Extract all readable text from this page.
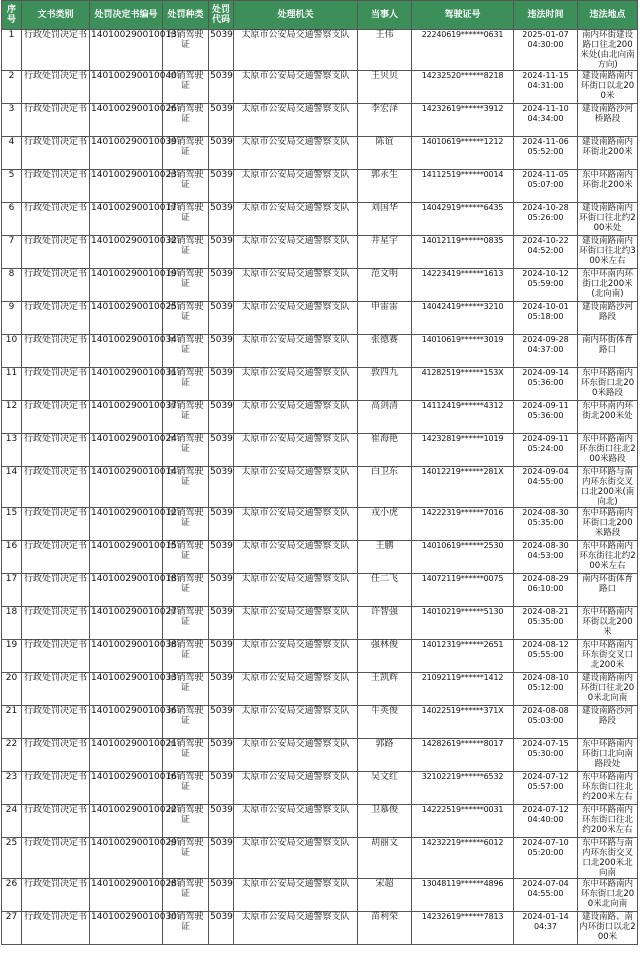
序号	文书类别	处罚决定书编号	处罚种类	处罚代码	处理机关	当事人	驾驶证号	违法时间	违法地点
1	行政处罚决定书	140100290010013	吊销驾驶证	5039	太原市公安局交通警察支队	王伟	22240619******0631	2025-01-07
04:30:00	南内环街建设路口往北200米处(由北向南方向)
2	行政处罚决定书	140100290010040	吊销驾驶证	5039	太原市公安局交通警察支队	王贝贝	14232520******8218	2024-11-15
04:31:00	建设南路南内环街口以北200米
3	行政处罚决定书	140100290010026	吊销驾驶证	5039	太原市公安局交通警察支队	李宏泽	14232619******3912	2024-11-10
04:34:00	建设南路沙河桥路段
4	行政处罚决定书	140100290010039	吊销驾驶证	5039	太原市公安局交通警察支队	陈谊	14010619******1212	2024-11-06
05:52:00	建设南路南内环街北200米
5	行政处罚决定书	140100290010023	吊销驾驶证	5039	太原市公安局交通警察支队	郭永生	14112519******0014	2024-11-05
05:07:00	东中环路南内环街北200米
6	行政处罚决定书	140100290010017	吊销驾驶证	5039	太原市公安局交通警察支队	刘国华	14042919******6435	2024-10-28
05:26:00	建设南路南内环街口往北约200米处
7	行政处罚决定书	140100290010032	吊销驾驶证	5039	太原市公安局交通警察支队	井星宇	14012119******0835	2024-10-22
04:52:00	建设南路南内环街口往北约300米左右
8	行政处罚决定书	140100290010019	吊销驾驶证	5039	太原市公安局交通警察支队	范文明	14223419******1613	2024-10-12
05:59:00	东中环南内环街口北200米(北向南)
9	行政处罚决定书	140100290010025	吊销驾驶证	5039	太原市公安局交通警察支队	申雷雷	14042419******3210	2024-10-01
05:18:00	建设南路沙河路段
10	行政处罚决定书	140100290010034	吊销驾驶证	5039	太原市公安局交通警察支队	张德赛	14010619******3019	2024-09-28
04:37:00	南内环街体育路口
11	行政处罚决定书	140100290010031	吊销驾驶证	5039	太原市公安局交通警察支队	敦四九	41282519******153X	2024-09-14
05:36:00	东中环路南内环东街口北200米路段
12	行政处罚决定书	140100290010037	吊销驾驶证	5039	太原市公安局交通警察支队	高剑清	14112419******4312	2024-09-11
05:36:00	东中环南内环街北200米处
13	行政处罚决定书	140100290010024	吊销驾驶证	5039	太原市公安局交通警察支队	崔海艳	14232819******1019	2024-09-11
05:24:00	东中环路南内环东街口往北200米路段
14	行政处罚决定书	140100290010014	吊销驾驶证	5039	太原市公安局交通警察支队	白卫东	14012219******281X	2024-09-04
04:55:00	东中环路与南内环东街交叉口北200米(南向北)
15	行政处罚决定书	140100290010012	吊销驾驶证	5039	太原市公安局交通警察支队	戎小虎	14222319******7016	2024-08-30
05:35:00	东中环路南内环街口北200米路段
16	行政处罚决定书	140100290010015	吊销驾驶证	5039	太原市公安局交通警察支队	王鹏	14010619******2530	2024-08-30
04:53:00	东中环路南内环东街往北约200米左右
17	行政处罚决定书	140100290010018	吊销驾驶证	5039	太原市公安局交通警察支队	任二飞	14072119******0075	2024-08-29
06:10:00	南内环街体育路口
18	行政处罚决定书	140100290010027	吊销驾驶证	5039	太原市公安局交通警察支队	许智强	14010219******5130	2024-08-21
05:35:00	东中环路南内环街以北200米
19	行政处罚决定书	140100290010038	吊销驾驶证	5039	太原市公安局交通警察支队	强林俊	14012319******2651	2024-08-12
05:55:00	东中环路南内环东街交叉口北200米
20	行政处罚决定书	140100290010033	吊销驾驶证	5039	太原市公安局交通警察支队	王凯辉	21092119******1412	2024-08-10
05:12:00	建设南路南内环街口往北200米北向南
21	行政处罚决定书	140100290010036	吊销驾驶证	5039	太原市公安局交通警察支队	牛英俊	14022519******371X	2024-08-08
05:03:00	建设南路沙河路段
22	行政处罚决定书	140100290010021	吊销驾驶证	5039	太原市公安局交通警察支队	郭路	14282619******8017	2024-07-15
05:30:00	东中环路南内环街口北向南路段处
23	行政处罚决定书	140100290010016	吊销驾驶证	5039	太原市公安局交通警察支队	吴文红	32102219******6532	2024-07-12
05:57:00	东中环路南内环东街口往北约200米左右
24	行政处罚决定书	140100290010022	吊销驾驶证	5039	太原市公安局交通警察支队	卫慕俊	14222519******0031	2024-07-12
04:40:00	东中环路南内环东街口往北约200米左右
25	行政处罚决定书	140100290010029	吊销驾驶证	5039	太原市公安局交通警察支队	胡丽文	14232219******6012	2024-07-10
05:20:00	东中环路与南内环东街交叉口北200米北向南
26	行政处罚决定书	140100290010028	吊销驾驶证	5039	太原市公安局交通警察支队	宋超	13048119******4896	2024-07-04
04:55:00	东中环路南内环东街口北200米北向南
27	行政处罚决定书	140100290010030	吊销驾驶证	5039	太原市公安局交通警察支队	苗利荣	14232619******7813	2024-01-14
04:37	建设南路、南内环街口以北200米
